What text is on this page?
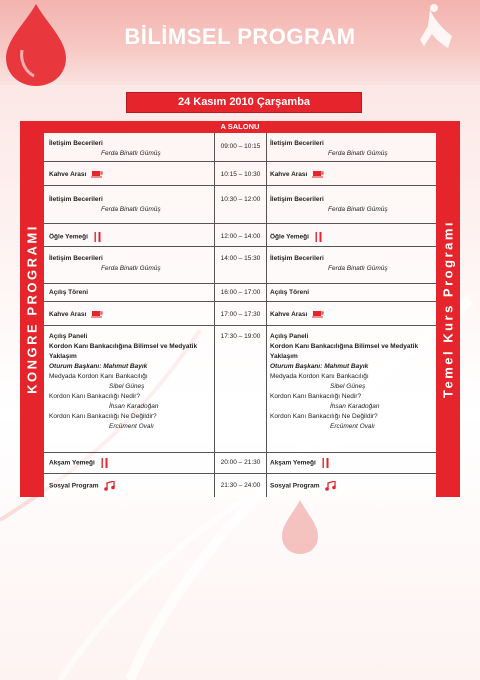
BİLİMSEL PROGRAM
24 Kasım 2010 Çarşamba
KONGRE PROGRAMI	Temel Kurs Programı
A SALONU
İletişim Becerileri
Ferda Binatlı Gümüş
09:00 – 10:15	İletişim Becerileri
Ferda Binatlı Gümüş
Kahve Arası	10:15 – 10:30	Kahve Arası
İletişim Becerileri
Ferda Binatlı Gümüş
10:30 – 12:00	İletişim Becerileri
Ferda Binatlı Gümüş
Öğle Yemeği	12:00 – 14:00	Öğle Yemeği
İletişim Becerileri
Ferda Binatlı Gümüş
14:00 – 15:30	İletişim Becerileri
Ferda Binatlı Gümüş
Açılış Töreni	16:00 – 17:00	Açılış Töreni
Kahve Arası	17:00 – 17:30	Kahve Arası
Açılış Paneli
Kordon Kanı Bankacılığına Bilimsel ve Medyatik
Yaklaşım
Oturum Başkanı: Mahmut Bayık
Medyada Kordon Kanı Bankacılığı
Sibel Güneş
Kordon Kanı Bankacılığı Nedir?
İhsan Karadoğan
Kordon Kanı Bankacılığı Ne Değildir?
Ercüment Ovalı
17:30 – 19:00	Açılış Paneli
Kordon Kanı Bankacılığına Bilimsel ve Medyatik
Yaklaşım
Oturum Başkanı: Mahmut Bayık
Medyada Kordon Kanı Bankacılığı
Sibel Güneş
Kordon Kanı Bankacılığı Nedir?
İhsan Karadoğan
Kordon Kanı Bankacılığı Ne Değildir?
Ercüment Ovalı
Akşam Yemeği	20:00 – 21:30	Akşam Yemeği
Sosyal Program	21:30 – 24:00	Sosyal Program
